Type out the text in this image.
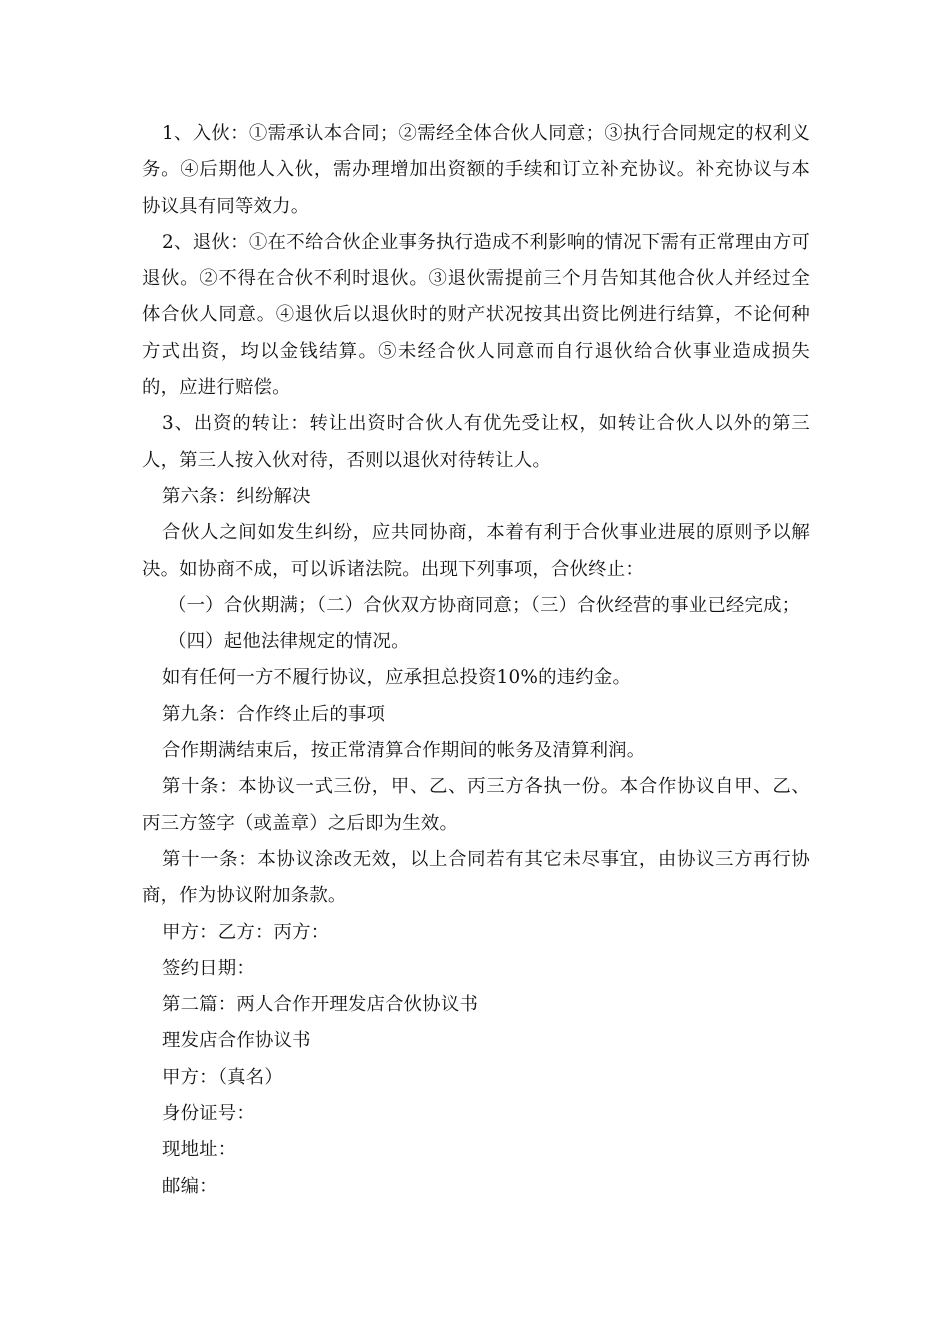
1、入伙：①需承认本合同；②需经全体合伙人同意；③执行合同规定的权利义务。④后期他人入伙，需办理增加出资额的手续和订立补充协议。补充协议与本协议具有同等效力。

2、退伙：①在不给合伙企业事务执行造成不利影响的情况下需有正常理由方可退伙。②不得在合伙不利时退伙。③退伙需提前三个月告知其他合伙人并经过全体合伙人同意。④退伙后以退伙时的财产状况按其出资比例进行结算，不论何种方式出资，均以金钱结算。⑤未经合伙人同意而自行退伙给合伙事业造成损失的，应进行赔偿。

3、出资的转让：转让出资时合伙人有优先受让权，如转让合伙人以外的第三人，第三人按入伙对待，否则以退伙对待转让人。

第六条：纠纷解决

合伙人之间如发生纠纷，应共同协商，本着有利于合伙事业进展的原则予以解决。如协商不成，可以诉诸法院。出现下列事项，合伙终止：

（一）合伙期满；（二）合伙双方协商同意；（三）合伙经营的事业已经完成；

（四）起他法律规定的情况。

如有任何一方不履行协议，应承担总投资10%的违约金。

第九条：合作终止后的事项

合作期满结束后，按正常清算合作期间的帐务及清算利润。

第十条：本协议一式三份，甲、乙、丙三方各执一份。本合作协议自甲、乙、丙三方签字（或盖章）之后即为生效。

第十一条：本协议涂改无效，以上合同若有其它未尽事宜，由协议三方再行协商，作为协议附加条款。

甲方：乙方：丙方：

签约日期：

第二篇：两人合作开理发店合伙协议书

理发店合作协议书

甲方：（真名）

身份证号：

现地址：

邮编：
